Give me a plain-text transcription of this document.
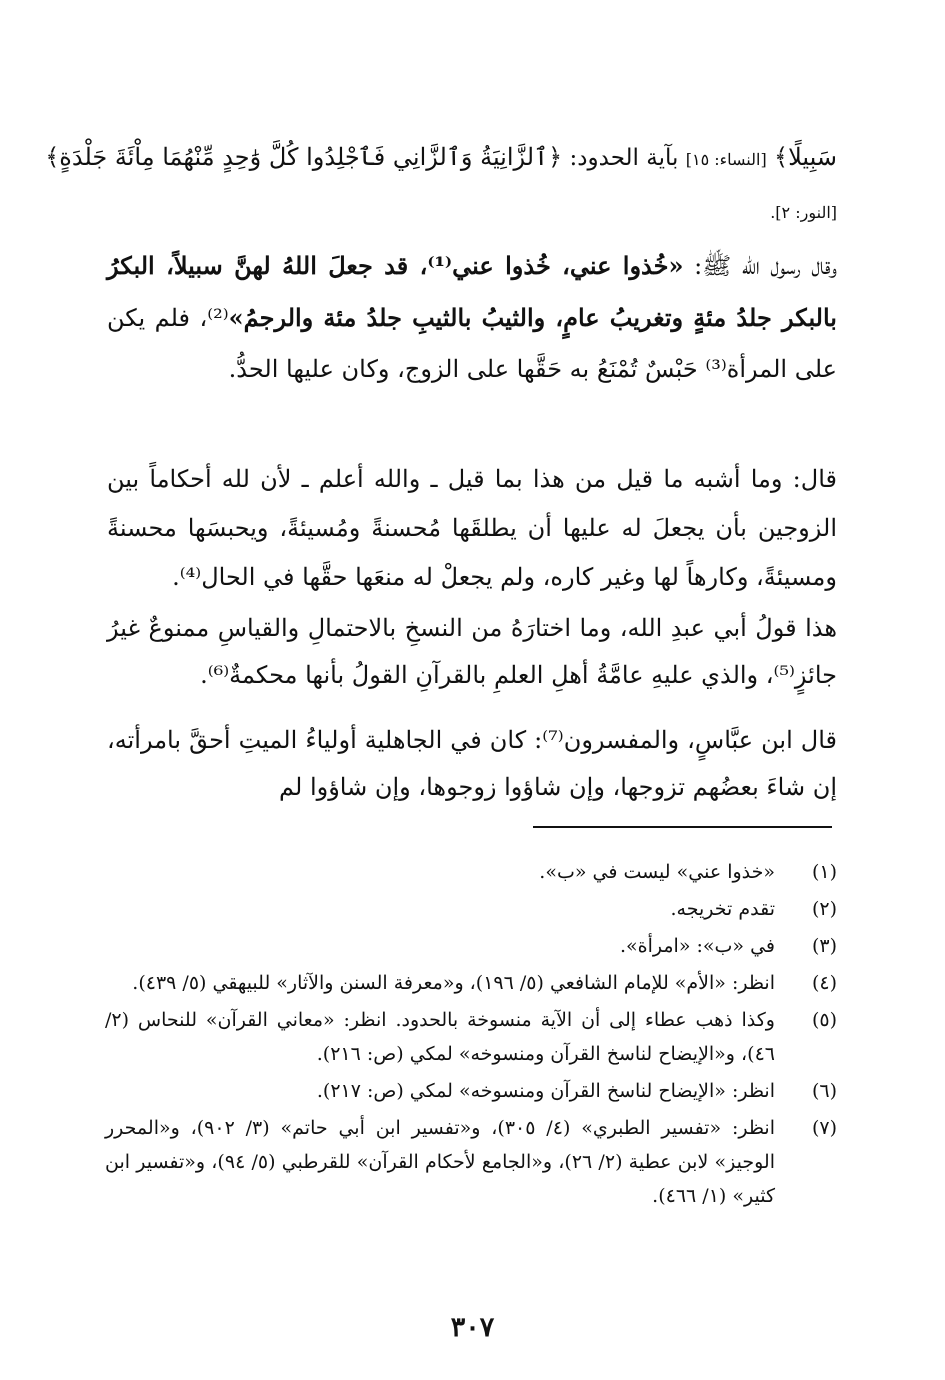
سَبِيلًا﴾ [النساء: ١٥] بآية الحدود: ﴿ٱلزَّانِيَةُ وَٱلزَّانِي فَٱجْلِدُوا كُلَّ وَٰحِدٍ مِّنْهُمَا مِاْئَةَ جَلْدَةٍ﴾
[النور: ٢].
وقال رسول الله ﷺ: «خُذوا عني، خُذوا عني⁽¹⁾، قد جعلَ اللهُ لهنَّ سبيلاً، البكرُ بالبكر جلدُ مئةٍ وتغريبُ عامٍ، والثيبُ بالثيبِ جلدُ مئة والرجمُ»⁽²⁾، فلم يكن على المرأة⁽³⁾ حَبْسٌ تُمْنَعُ به حَقَّها على الزوج، وكان عليها الحدُّ.
قال: وما أشبه ما قيل من هذا بما قيل ـ والله أعلم ـ لأن لله أحكاماً بين الزوجين بأن يجعلَ له عليها أن يطلقَها مُحسنةً ومُسيئةً، ويحبسَها محسنةً ومسيئةً، وكارهاً لها وغير كاره، ولم يجعلْ له منعَها حقَّها في الحال⁽⁴⁾.
هذا قولُ أبي عبدِ الله، وما اختارَهُ من النسخِ بالاحتمالِ والقياسِ ممنوعٌ غيرُ جائزٍ⁽⁵⁾، والذي عليهِ عامَّةُ أهلِ العلمِ بالقرآنِ القولُ بأنها محكمةٌ⁽⁶⁾.
قال ابن عبَّاسٍ، والمفسرون⁽⁷⁾: كان في الجاهلية أولياءُ الميتِ أحقَّ بامرأته، إن شاءَ بعضُهم تزوجها، وإن شاؤوا زوجوها، وإن شاؤوا لم
(١)
«خذوا عني» ليست في «ب».
(٢)
تقدم تخريجه.
(٣)
في «ب»: «امرأة».
(٤)
انظر: «الأم» للإمام الشافعي (٥/ ١٩٦)، و«معرفة السنن والآثار» للبيهقي (٥/ ٤٣٩).
(٥)
وكذا ذهب عطاء إلى أن الآية منسوخة بالحدود. انظر: «معاني القرآن» للنحاس (٢/ ٤٦)، و«الإيضاح لناسخ القرآن ومنسوخه» لمكي (ص: ٢١٦).
(٦)
انظر: «الإيضاح لناسخ القرآن ومنسوخه» لمكي (ص: ٢١٧).
(٧)
انظر: «تفسير الطبري» (٤/ ٣٠٥)، و«تفسير ابن أبي حاتم» (٣/ ٩٠٢)، و«المحرر الوجيز» لابن عطية (٢/ ٢٦)، و«الجامع لأحكام القرآن» للقرطبي (٥/ ٩٤)، و«تفسير ابن كثير» (١/ ٤٦٦).
٣٠٧
